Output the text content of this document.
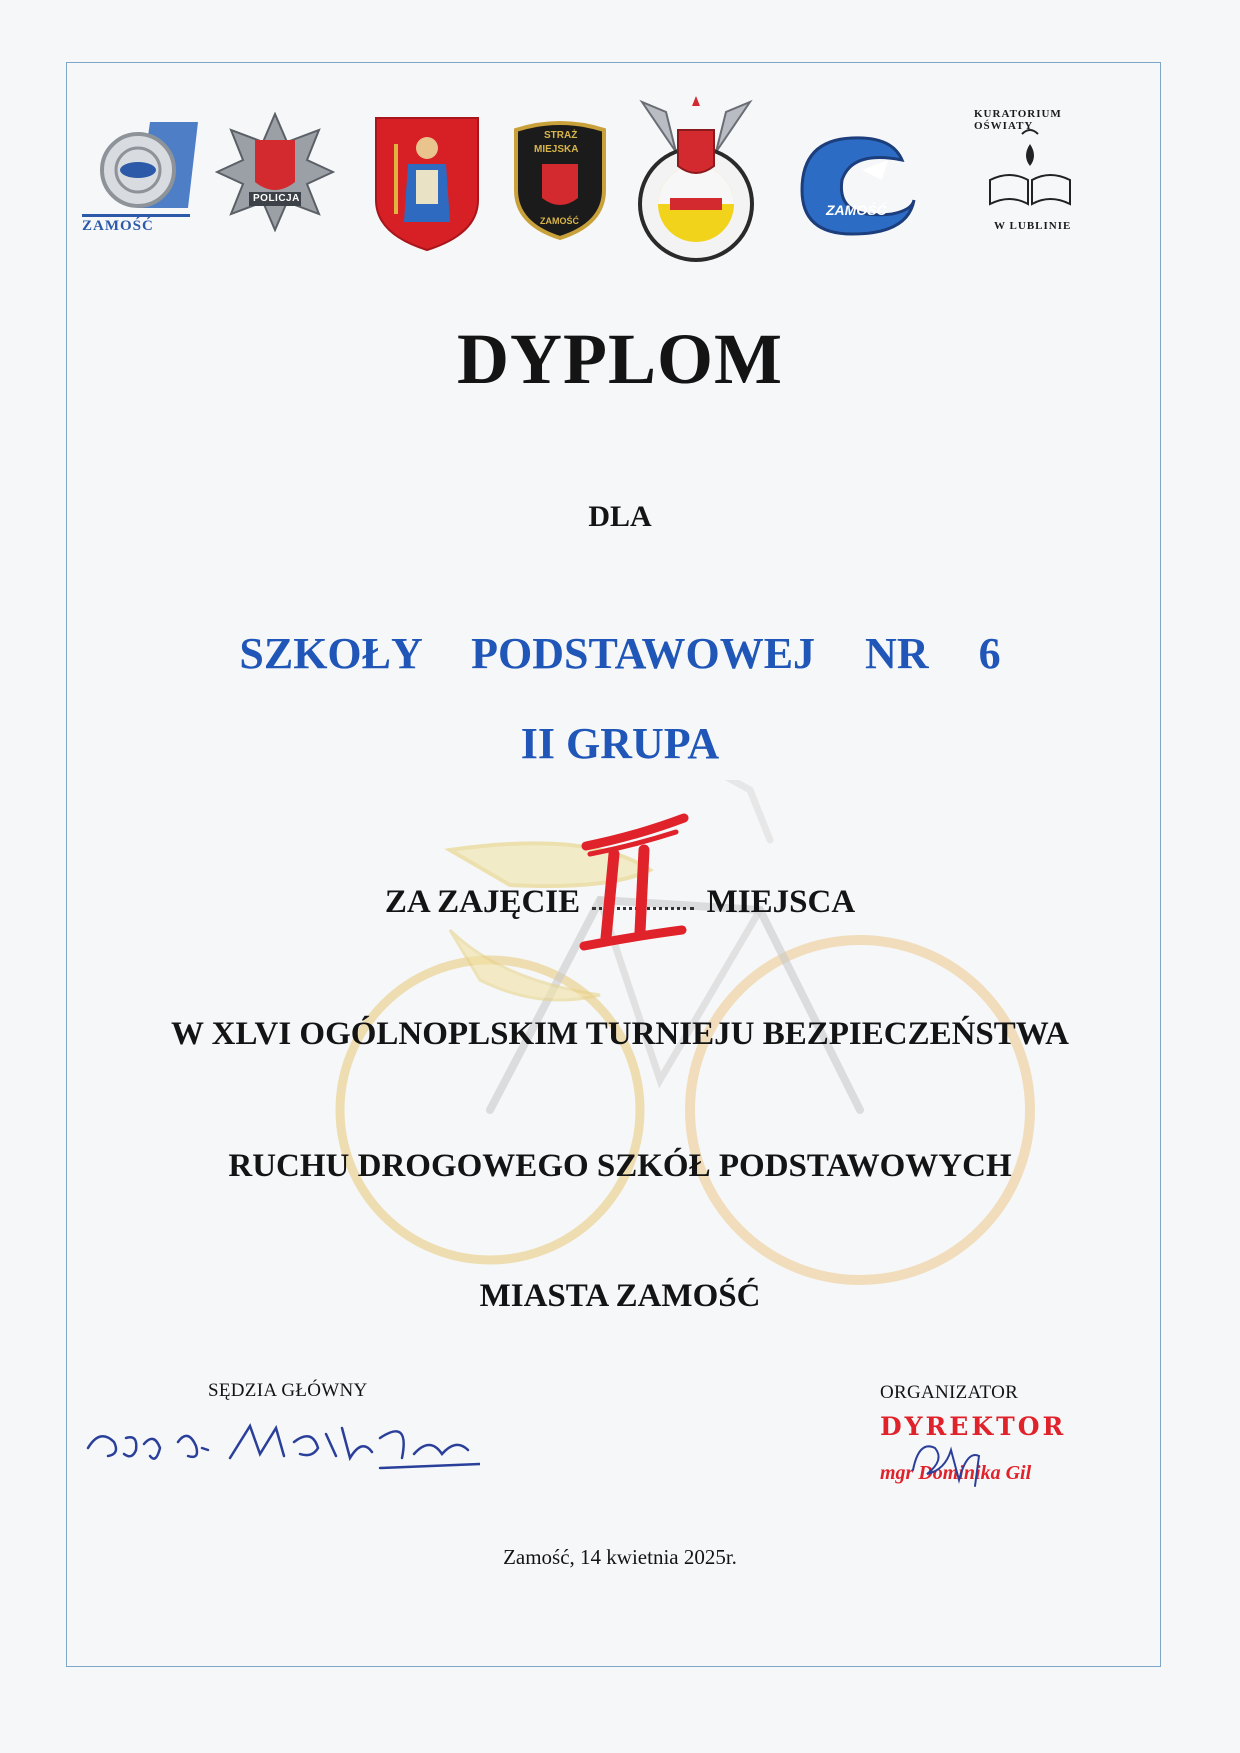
ZAMOŚĆ
POLICJA
STRAŻ
MIEJSKA
ZAMOŚĆ
ZAMOŚĆ
KURATORIUM OŚWIATY
W LUBLINIE
DYPLOM
DLA
SZKOŁY  PODSTAWOWEJ  NR  6
II GRUPA
ZA ZAJĘCIE	MIEJSCA
II
W XLVI OGÓLNOPLSKIM TURNIEJU BEZPIECZEŃSTWA
RUCHU DROGOWEGO SZKÓŁ PODSTAWOWYCH
MIASTA ZAMOŚĆ
SĘDZIA GŁÓWNY
asp.szt. Marek Świrez	ORGANIZATOR
DYREKTOR
mgr Dominika Gil
Zamość, 14 kwietnia 2025r.
